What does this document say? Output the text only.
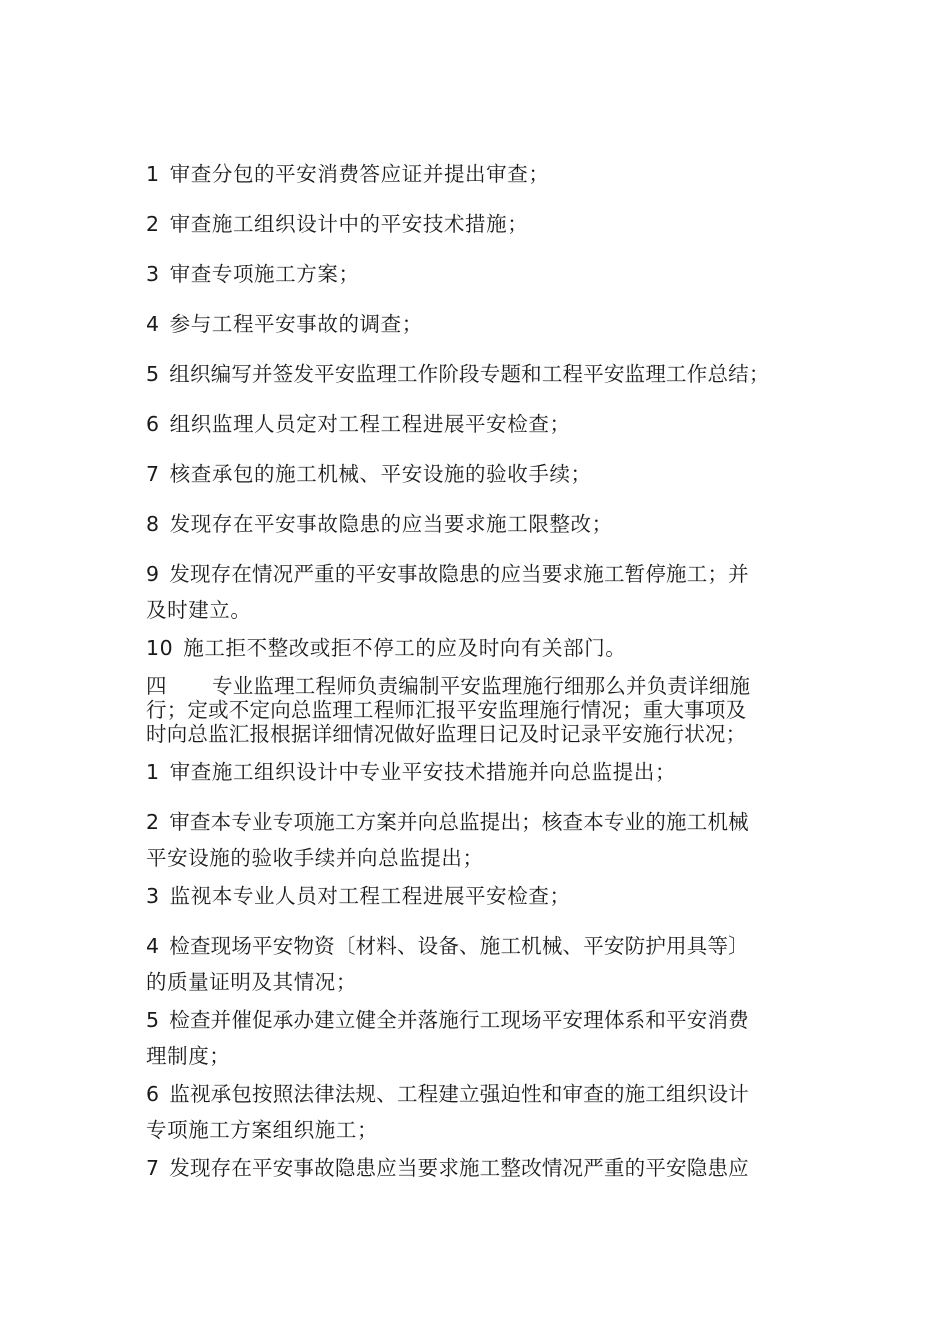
1 审查分包的平安消费答应证并提出审查；
2 审查施工组织设计中的平安技术措施；
3 审查专项施工方案；
4 参与工程平安事故的调查；
5 组织编写并签发平安监理工作阶段专题和工程平安监理工作总结；
6 组织监理人员定对工程工程进展平安检查；
7 核查承包的施工机械、平安设施的验收手续；
8 发现存在平安事故隐患的应当要求施工限整改；
9 发现存在情况严重的平安事故隐患的应当要求施工暂停施工；并
及时建立。
10 施工拒不整改或拒不停工的应及时向有关部门。
四 专业监理工程师负责编制平安监理施行细那么并负责详细施
行；定或不定向总监理工程师汇报平安监理施行情况；重大事项及
时向总监汇报根据详细情况做好监理日记及时记录平安施行状况；
1 审查施工组织设计中专业平安技术措施并向总监提出；
2 审查本专业专项施工方案并向总监提出；核查本专业的施工机械
平安设施的验收手续并向总监提出；
3 监视本专业人员对工程工程进展平安检查；
4 检查现场平安物资〔材料、设备、施工机械、平安防护用具等〕
的质量证明及其情况；
5 检查并催促承办建立健全并落施行工现场平安理体系和平安消费
理制度；
6 监视承包按照法律法规、工程建立强迫性和审查的施工组织设计
专项施工方案组织施工；
7 发现存在平安事故隐患应当要求施工整改情况严重的平安隐患应
